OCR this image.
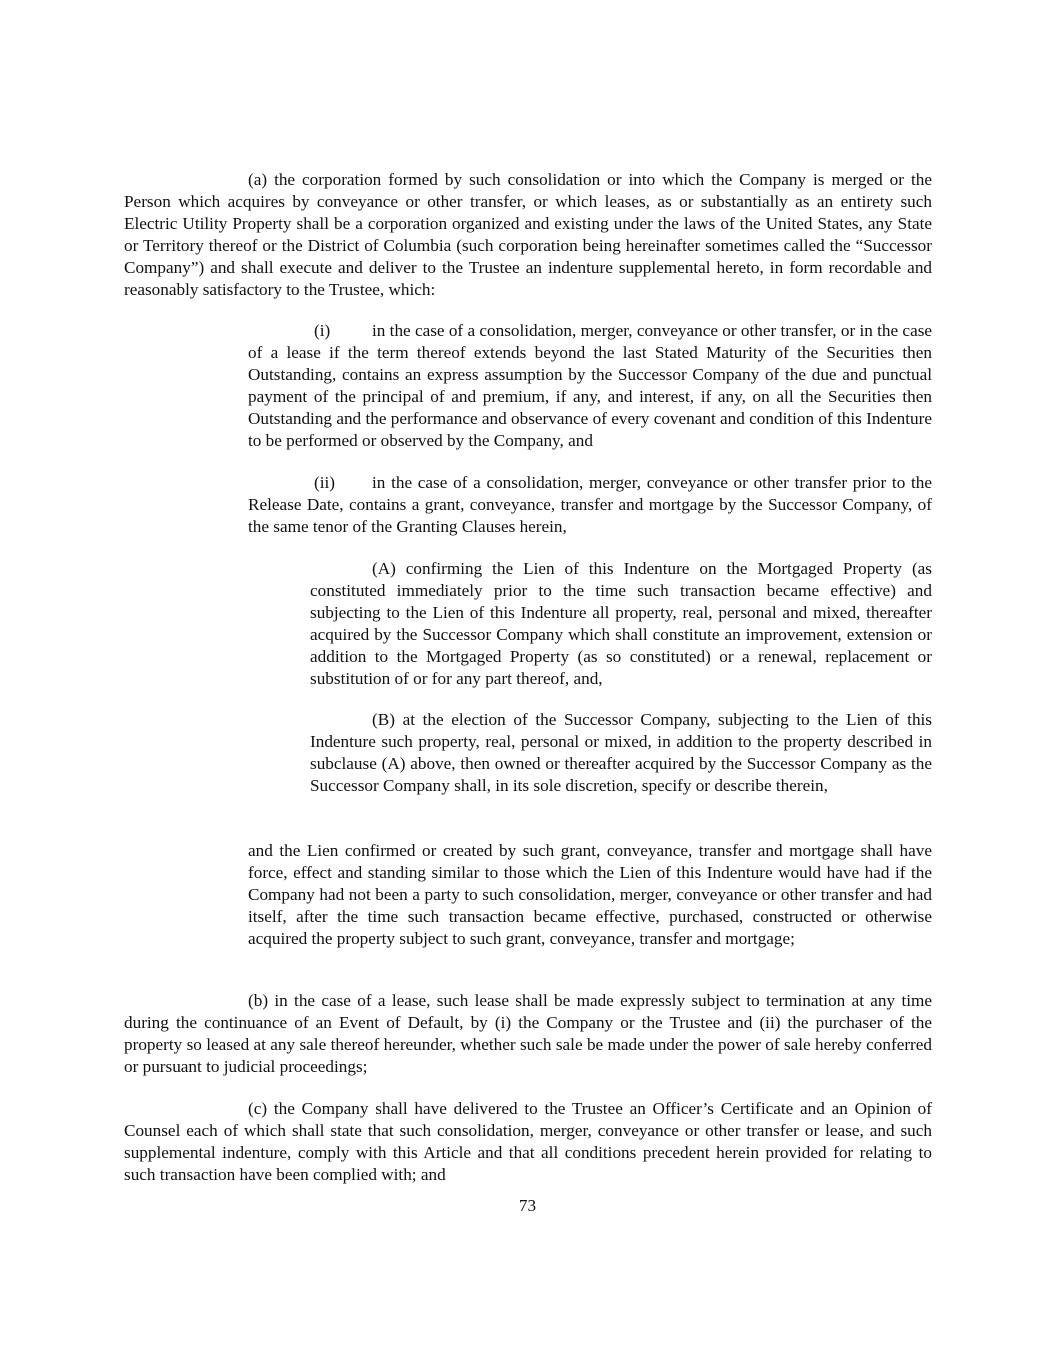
(a) the corporation formed by such consolidation or into which the Company is merged or the Person which acquires by conveyance or other transfer, or which leases, as or substantially as an entirety such Electric Utility Property shall be a corporation organized and existing under the laws of the United States, any State or Territory thereof or the District of Columbia (such corporation being hereinafter sometimes called the “Successor Company”) and shall execute and deliver to the Trustee an indenture supplemental hereto, in form recordable and reasonably satisfactory to the Trustee, which:

(i) in the case of a consolidation, merger, conveyance or other transfer, or in the case of a lease if the term thereof extends beyond the last Stated Maturity of the Securities then Outstanding, contains an express assumption by the Successor Company of the due and punctual payment of the principal of and premium, if any, and interest, if any, on all the Securities then Outstanding and the performance and observance of every covenant and condition of this Indenture to be performed or observed by the Company, and

(ii) in the case of a consolidation, merger, conveyance or other transfer prior to the Release Date, contains a grant, conveyance, transfer and mortgage by the Successor Company, of the same tenor of the Granting Clauses herein,

(A) confirming the Lien of this Indenture on the Mortgaged Property (as constituted immediately prior to the time such transaction became effective) and subjecting to the Lien of this Indenture all property, real, personal and mixed, thereafter acquired by the Successor Company which shall constitute an improvement, extension or addition to the Mortgaged Property (as so constituted) or a renewal, replacement or substitution of or for any part thereof, and,

(B) at the election of the Successor Company, subjecting to the Lien of this Indenture such property, real, personal or mixed, in addition to the property described in subclause (A) above, then owned or thereafter acquired by the Successor Company as the Successor Company shall, in its sole discretion, specify or describe therein,

and the Lien confirmed or created by such grant, conveyance, transfer and mortgage shall have force, effect and standing similar to those which the Lien of this Indenture would have had if the Company had not been a party to such consolidation, merger, conveyance or other transfer and had itself, after the time such transaction became effective, purchased, constructed or otherwise acquired the property subject to such grant, conveyance, transfer and mortgage;

(b) in the case of a lease, such lease shall be made expressly subject to termination at any time during the continuance of an Event of Default, by (i) the Company or the Trustee and (ii) the purchaser of the property so leased at any sale thereof hereunder, whether such sale be made under the power of sale hereby conferred or pursuant to judicial proceedings;

(c) the Company shall have delivered to the Trustee an Officer’s Certificate and an Opinion of Counsel each of which shall state that such consolidation, merger, conveyance or other transfer or lease, and such supplemental indenture, comply with this Article and that all conditions precedent herein provided for relating to such transaction have been complied with; and

73
